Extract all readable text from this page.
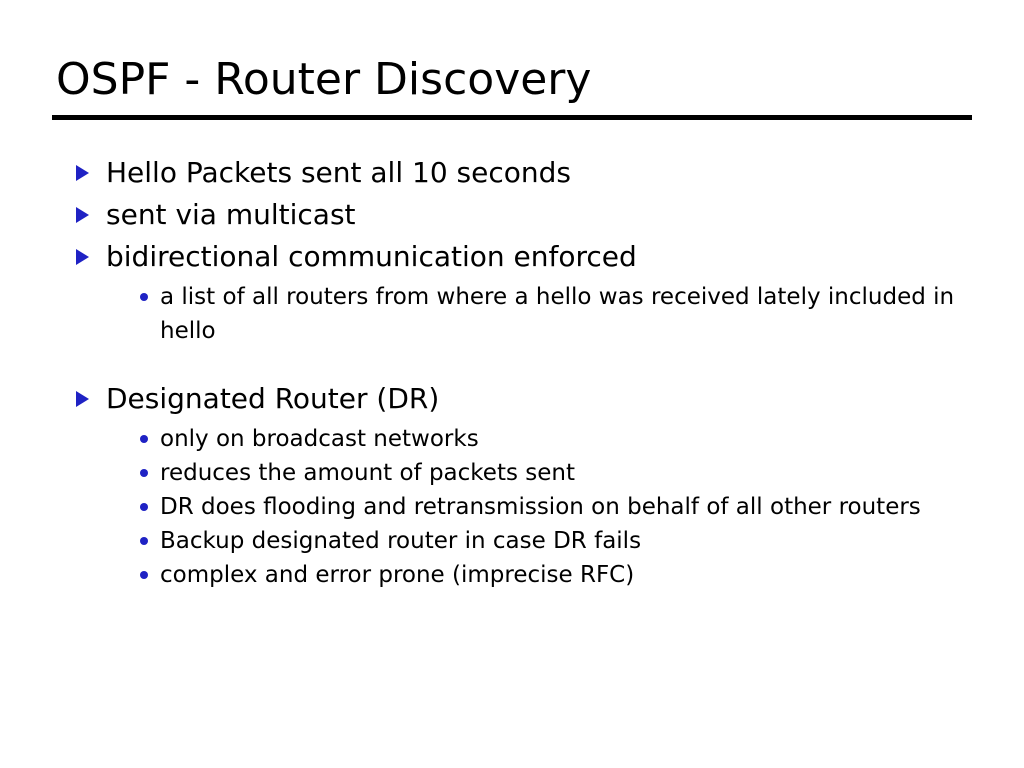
OSPF - Router Discovery
Hello Packets sent all 10 seconds
sent via multicast
bidirectional communication enforced
a list of all routers from where a hello was received lately included in hello
Designated Router (DR)
only on broadcast networks
reduces the amount of packets sent
DR does flooding and retransmission on behalf of all other routers
Backup designated router in case DR fails
complex and error prone (imprecise RFC)
